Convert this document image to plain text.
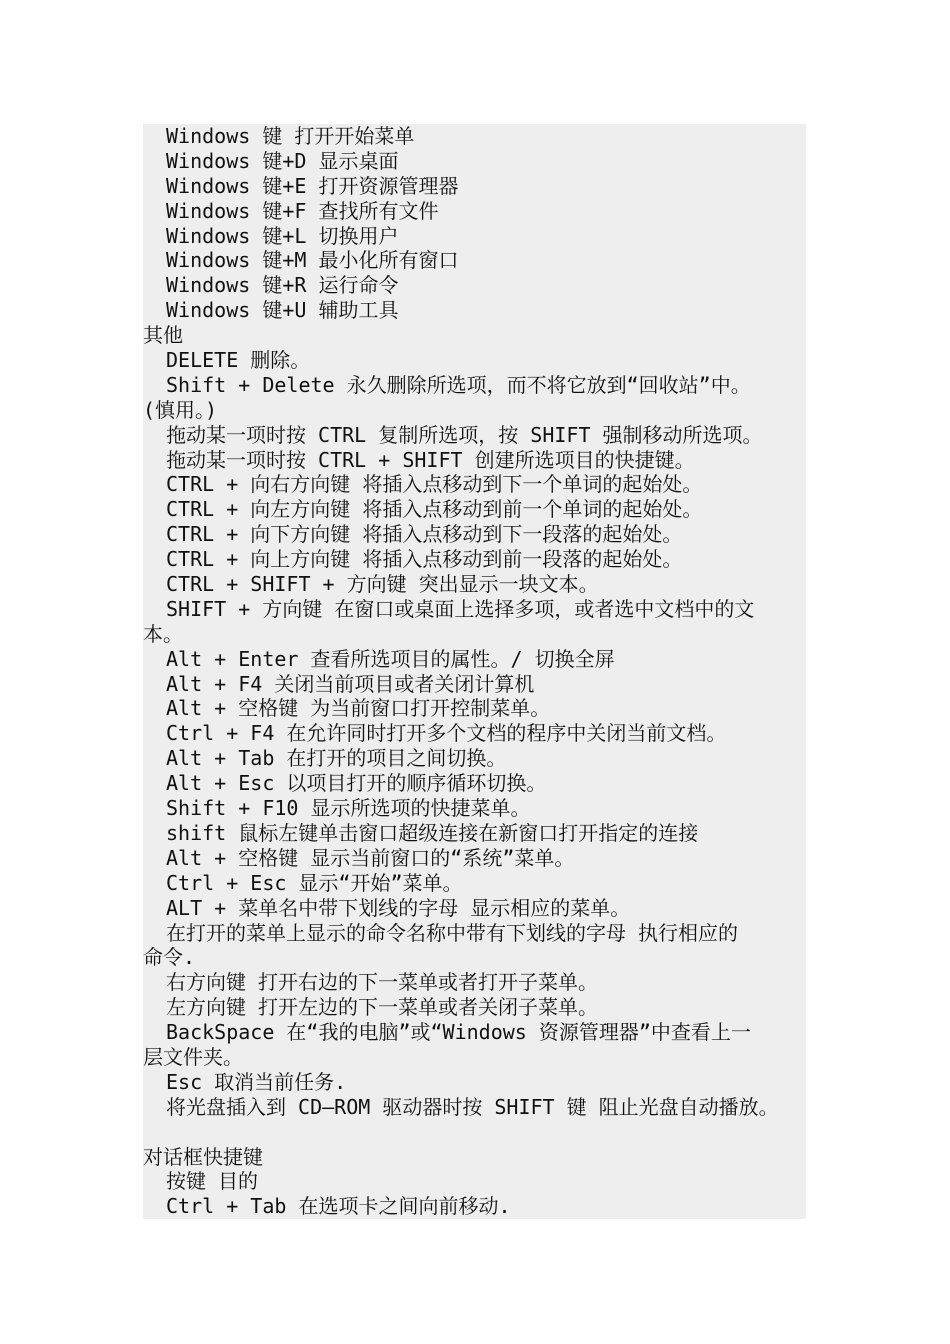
Windows 键 打开开始菜单
Windows 键+D 显示桌面
Windows 键+E 打开资源管理器
Windows 键+F 查找所有文件
Windows 键+L 切换用户
Windows 键+M 最小化所有窗口
Windows 键+R 运行命令
Windows 键+U 辅助工具
其他
DELETE 删除。
Shift + Delete 永久删除所选项，而不将它放到“回收站”中。
(慎用。)
拖动某一项时按 CTRL 复制所选项，按 SHIFT 强制移动所选项。
拖动某一项时按 CTRL + SHIFT 创建所选项目的快捷键。
CTRL + 向右方向键 将插入点移动到下一个单词的起始处。
CTRL + 向左方向键 将插入点移动到前一个单词的起始处。
CTRL + 向下方向键 将插入点移动到下一段落的起始处。
CTRL + 向上方向键 将插入点移动到前一段落的起始处。
CTRL + SHIFT + 方向键 突出显示一块文本。
SHIFT + 方向键 在窗口或桌面上选择多项，或者选中文档中的文
本。
Alt + Enter 查看所选项目的属性。/ 切换全屏
Alt + F4 关闭当前项目或者关闭计算机
Alt + 空格键 为当前窗口打开控制菜单。
Ctrl + F4 在允许同时打开多个文档的程序中关闭当前文档。
Alt + Tab 在打开的项目之间切换。
Alt + Esc 以项目打开的顺序循环切换。
Shift + F10 显示所选项的快捷菜单。
shift 鼠标左键单击窗口超级连接在新窗口打开指定的连接
Alt + 空格键 显示当前窗口的“系统”菜单。
Ctrl + Esc 显示“开始”菜单。
ALT + 菜单名中带下划线的字母 显示相应的菜单。
在打开的菜单上显示的命令名称中带有下划线的字母 执行相应的
命令.
右方向键 打开右边的下一菜单或者打开子菜单。
左方向键 打开左边的下一菜单或者关闭子菜单。
BackSpace 在“我的电脑”或“Windows 资源管理器”中查看上一
层文件夹。
Esc 取消当前任务.
将光盘插入到 CD—ROM 驱动器时按 SHIFT 键 阻止光盘自动播放。
对话框快捷键
按键 目的
Ctrl + Tab 在选项卡之间向前移动.
